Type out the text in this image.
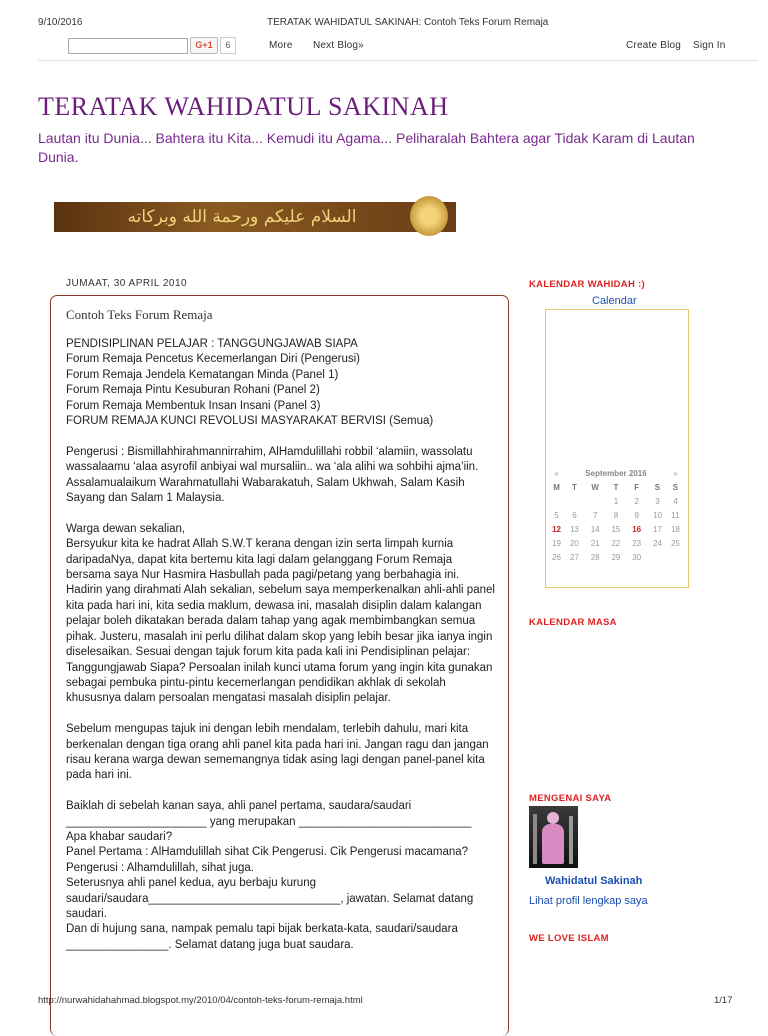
9/10/2016	TERATAK WAHIDATUL SAKINAH: Contoh Teks Forum Remaja
G+1	6	More Next Blog»	Create Blog Sign In
TERATAK WAHIDATUL SAKINAH
Lautan itu Dunia... Bahtera itu Kita... Kemudi itu Agama... Peliharalah Bahtera agar Tidak Karam di Lautan Dunia.
السلام عليكم ورحمة الله وبركاته
JUMAAT, 30 APRIL 2010
Contoh Teks Forum Remaja

PENDISIPLINAN PELAJAR : TANGGUNGJAWAB SIAPA
Forum Remaja Pencetus Kecemerlangan Diri (Pengerusi)
Forum Remaja Jendela Kematangan Minda (Panel 1)
Forum Remaja Pintu Kesuburan Rohani (Panel 2)
Forum Remaja Membentuk Insan Insani (Panel 3)
FORUM REMAJA KUNCI REVOLUSI MASYARAKAT BERVISI (Semua)

Pengerusi : Bismillahhirahmannirrahim, AlHamdulillahi robbil ‘alamiin, wassolatu wassalaamu ‘alaa asyrofil anbiyai wal mursaliin.. wa ‘ala alihi wa sohbihi ajma’iin. Assalamualaikum Warahmatullahi Wabarakatuh, Salam Ukhwah, Salam Kasih Sayang dan Salam 1 Malaysia.

Warga dewan sekalian,
Bersyukur kita ke hadrat Allah S.W.T kerana dengan izin serta limpah kurnia daripadaNya, dapat kita bertemu kita lagi dalam gelanggang Forum Remaja bersama saya Nur Hasmira Hasbullah pada pagi/petang yang berbahagia ini. Hadirin yang dirahmati Alah sekalian, sebelum saya memperkenalkan ahli-ahli panel kita pada hari ini, kita sedia maklum, dewasa ini, masalah disiplin dalam kalangan pelajar boleh dikatakan berada dalam tahap yang agak membimbangkan semua pihak. Justeru, masalah ini perlu dilihat dalam skop yang lebih besar jika ianya ingin diselesaikan. Sesuai dengan tajuk forum kita pada kali ini Pendisiplinan pelajar: Tanggungjawab Siapa? Persoalan inilah kunci utama forum yang ingin kita gunakan sebagai pembuka pintu-pintu kecemerlangan pendidikan akhlak di sekolah khususnya dalam persoalan mengatasi masalah disiplin pelajar.

Sebelum mengupas tajuk ini dengan lebih mendalam, terlebih dahulu, mari kita berkenalan dengan tiga orang ahli panel kita pada hari ini. Jangan ragu dan jangan risau kerana warga dewan sememangnya tidak asing lagi dengan panel-panel kita pada hari ini.

Baiklah di sebelah kanan saya, ahli panel pertama, saudara/saudari
______________________ yang merupakan ___________________________
Apa khabar saudari?
Panel Pertama : AlHamdulillah sihat Cik Pengerusi. Cik Pengerusi macamana?
Pengerusi : Alhamdulillah, sihat juga.
Seterusnya ahli panel kedua, ayu berbaju kurung
saudari/saudara______________________________, jawatan. Selamat datang
saudari.
Dan di hujung sana, nampak pemalu tapi bijak berkata-kata, saudari/saudara
________________. Selamat datang juga buat saudara.

KALENDAR WAHIDAH :)
Calendar
«	September 2016					»
M	T	W	T	F	S	S
			1	2	3	4
5	6	7	8	9	10	11
12	13	14	15	16	17	18
19	20	21	22	23	24	25
26	27	28	29	30		
KALENDAR MASA
MENGENAI SAYA
Wahidatul Sakinah
Lihat profil lengkap saya
WE LOVE ISLAM
http://nurwahidahahmad.blogspot.my/2010/04/contoh-teks-forum-remaja.html	1/17
